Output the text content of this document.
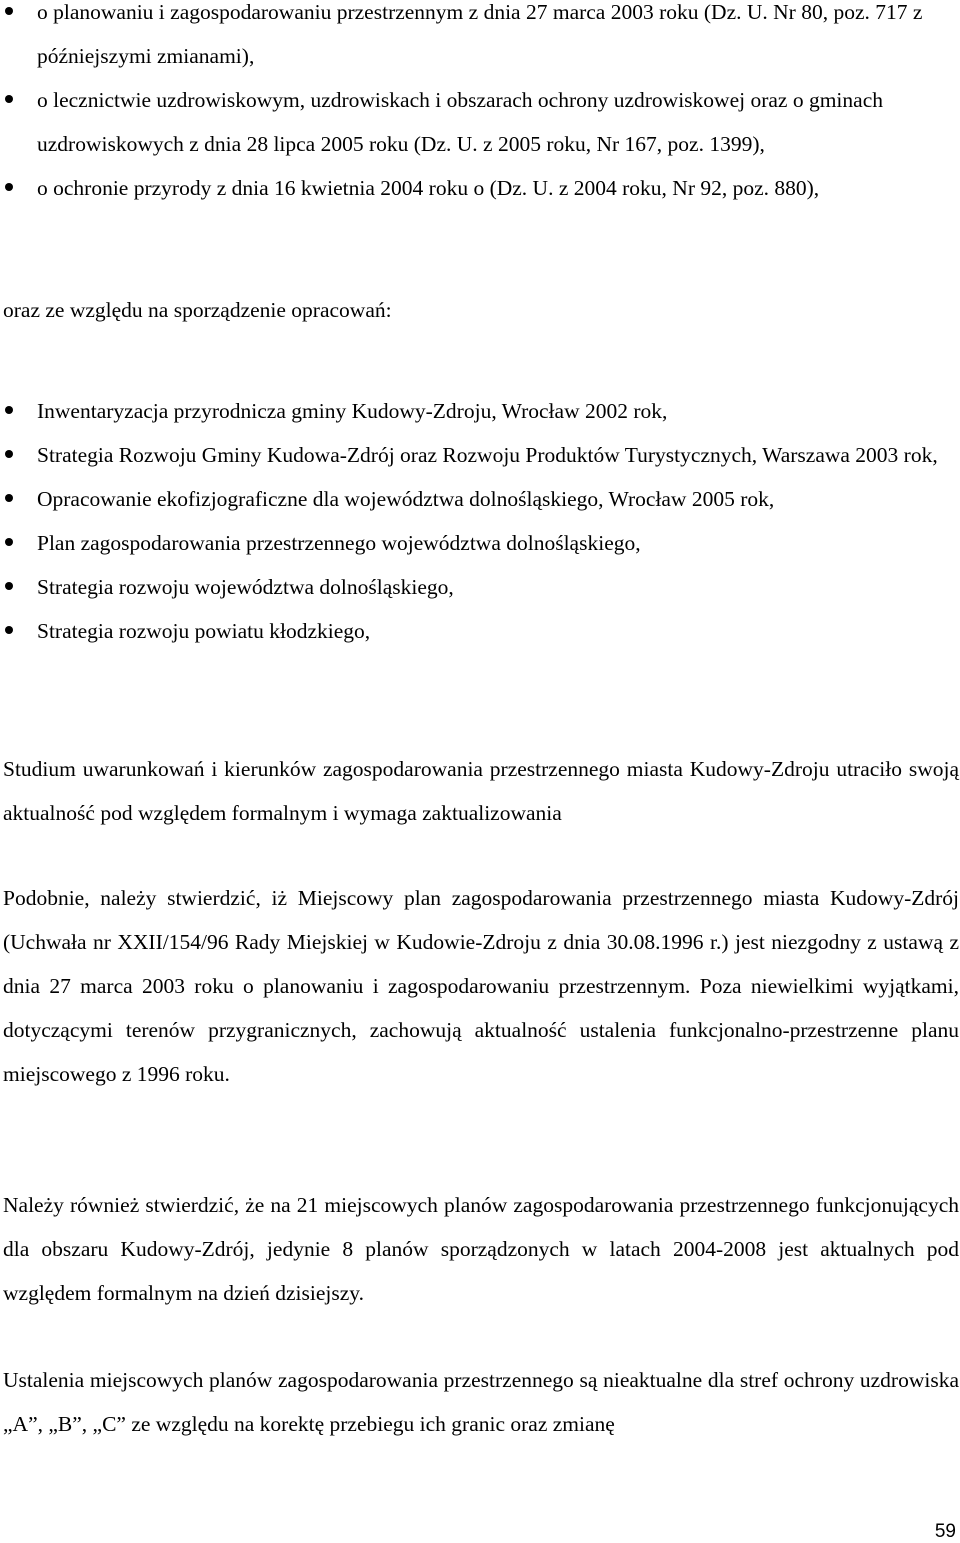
o planowaniu i zagospodarowaniu przestrzennym z dnia 27 marca 2003 roku (Dz. U. Nr 80, poz. 717 z późniejszymi zmianami),
o lecznictwie uzdrowiskowym, uzdrowiskach i obszarach ochrony uzdrowiskowej oraz o gminach uzdrowiskowych z dnia 28 lipca 2005 roku (Dz. U. z 2005 roku, Nr 167, poz. 1399),
o ochronie przyrody z dnia 16 kwietnia 2004 roku o (Dz. U. z 2004 roku, Nr 92, poz. 880),

oraz ze względu na sporządzenie opracowań:

Inwentaryzacja przyrodnicza gminy Kudowy-Zdroju, Wrocław 2002 rok,
Strategia Rozwoju Gminy Kudowa-Zdrój oraz Rozwoju Produktów Turystycznych, Warszawa 2003 rok,
Opracowanie ekofizjograficzne dla województwa dolnośląskiego, Wrocław 2005 rok,
Plan zagospodarowania przestrzennego województwa dolnośląskiego,
Strategia rozwoju województwa dolnośląskiego,
Strategia rozwoju powiatu kłodzkiego,

Studium uwarunkowań i kierunków zagospodarowania przestrzennego miasta Kudowy-Zdroju utraciło swoją aktualność pod względem formalnym i wymaga zaktualizowania

Podobnie, należy stwierdzić, iż Miejscowy plan zagospodarowania przestrzennego miasta Kudowy-Zdrój (Uchwała nr XXII/154/96 Rady Miejskiej w Kudowie-Zdroju z dnia 30.08.1996 r.) jest niezgodny z ustawą z dnia 27 marca 2003 roku o planowaniu i zagospodarowaniu przestrzennym. Poza niewielkimi wyjątkami, dotyczącymi terenów przygranicznych, zachowują aktualność ustalenia funkcjonalno-przestrzenne planu miejscowego z 1996 roku.

Należy również stwierdzić, że na 21 miejscowych planów zagospodarowania przestrzennego funkcjonujących dla obszaru Kudowy-Zdrój, jedynie 8 planów sporządzonych w latach 2004-2008 jest aktualnych pod względem formalnym na dzień dzisiejszy.

Ustalenia miejscowych planów zagospodarowania przestrzennego są nieaktualne dla stref ochrony uzdrowiska „A”, „B”, „C” ze względu na korektę przebiegu ich granic oraz zmianę

59
